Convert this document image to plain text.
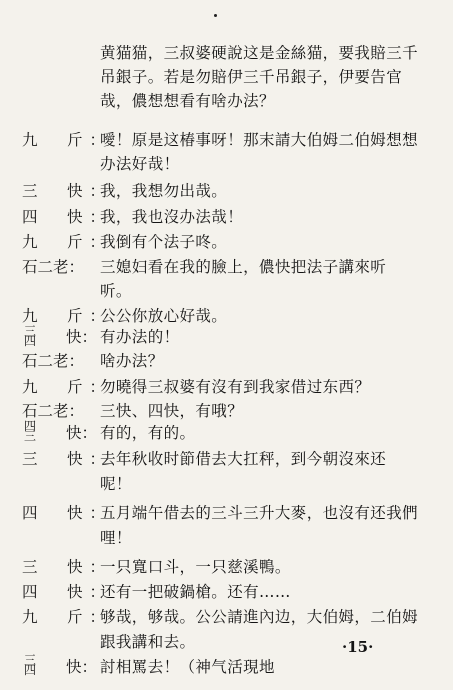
黄猫猫，三叔婆硬說这是金絲猫，要我賠三千
吊銀子。若是勿賠伊三千吊銀子，伊要告官
哉，儂想想看有啥办法？
九　斤：
噯！原是这椿事呀！那末請大伯姆二伯姆想想
办法好哉！
三　快：
我，我想勿出哉。
四　快：
我，我也沒办法哉！
九　斤：
我倒有个法子咚。
石二老： 三媳妇看在我的臉上，儂快把法子講來听
听。
九　斤：
公公你放心好哉。
三
四 快： 有办法的！
石二老： 啥办法？
九　斤：
勿曉得三叔婆有沒有到我家借过东西？
石二老： 三快、四快，有哦？
四
三 快： 有的，有的。
三　快：
去年秋收时節借去大扛秤，到今朝沒來还
呢！
四　快：
五月端午借去的三斗三升大麥，也沒有还我們
哩！
三　快：
一只寬口斗，一只慈溪鴨。
四　快：
还有一把破鍋槍。还有……
九　斤：
够哉，够哉。公公請進內边，大伯姆，二伯姆
跟我講和去。
三
四 快： 討相罵去！（神气活現地
·15·
